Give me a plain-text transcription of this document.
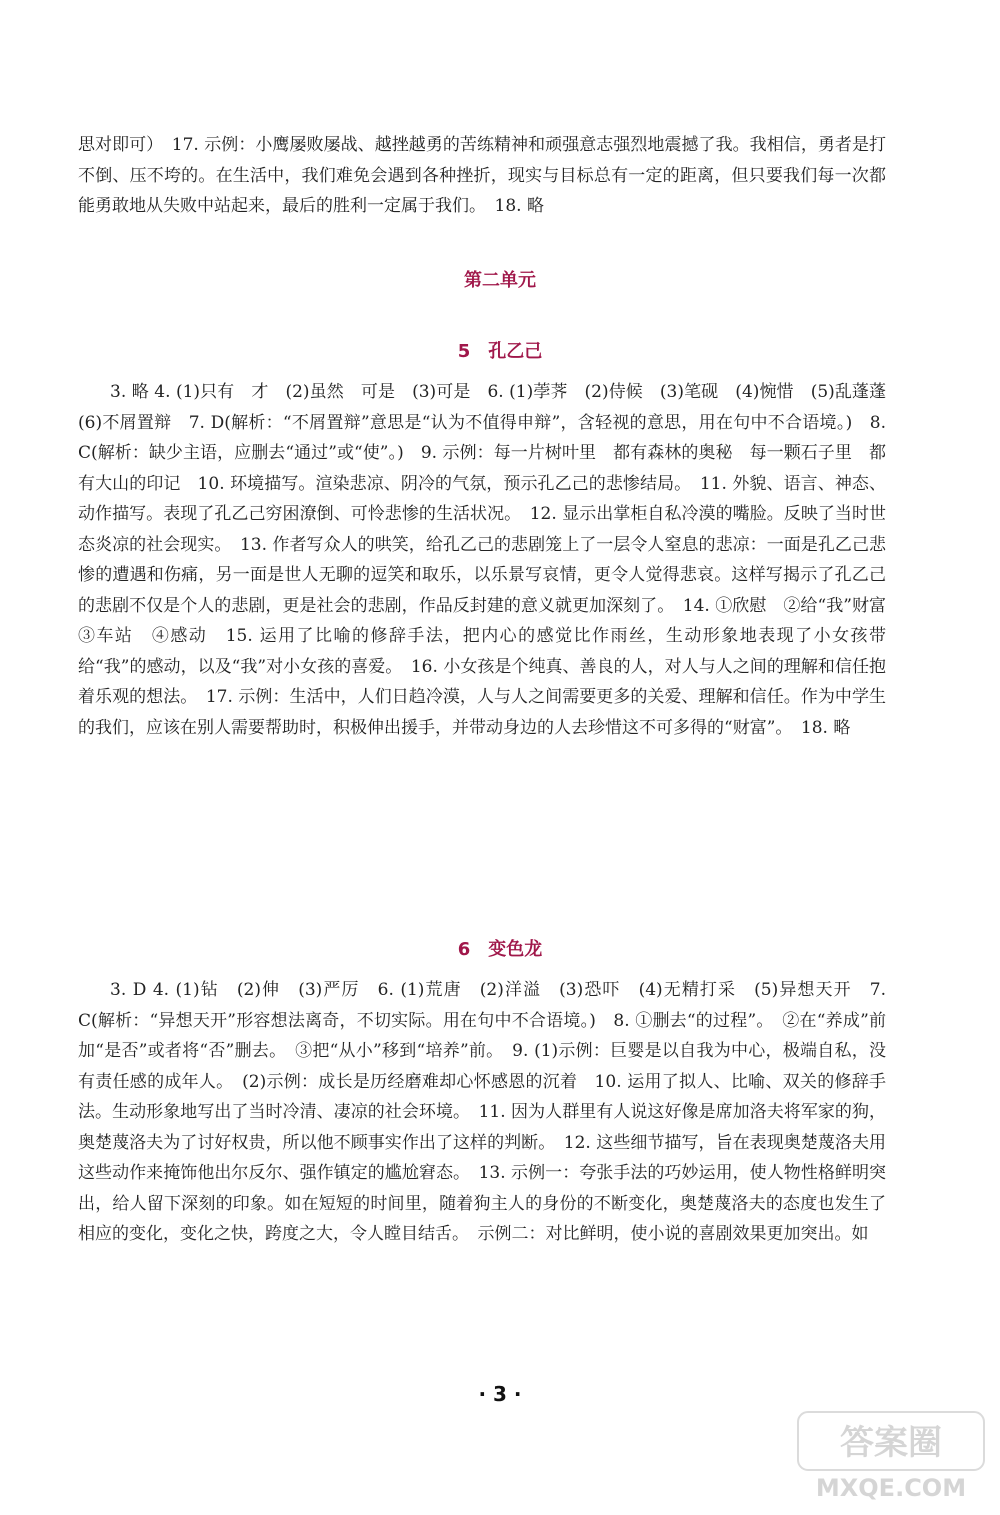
思对即可）　17. 示例：小鹰屡败屡战、越挫越勇的苦练精神和顽强意志强烈地震撼了我。我相信，勇者是打不倒、压不垮的。在生活中，我们难免会遇到各种挫折，现实与目标总有一定的距离，但只要我们每一次都能勇敢地从失败中站起来，最后的胜利一定属于我们。　18. 略

第二单元
5　孔乙己

3. 略 4. (1)只有　才　(2)虽然　可是　(3)可是　6. (1)荸荠　(2)侍候　(3)笔砚　(4)惋惜　(5)乱蓬蓬　(6)不屑置辩　7. D(解析：“不屑置辩”意思是“认为不值得申辩”，含轻视的意思，用在句中不合语境。)　8. C(解析：缺少主语，应删去“通过”或“使”。)　9. 示例：每一片树叶里　都有森林的奥秘　每一颗石子里　都有大山的印记　10. 环境描写。渲染悲凉、阴冷的气氛，预示孔乙己的悲惨结局。　11. 外貌、语言、神态、动作描写。表现了孔乙己穷困潦倒、可怜悲惨的生活状况。　12. 显示出掌柜自私冷漠的嘴脸。反映了当时世态炎凉的社会现实。　13. 作者写众人的哄笑，给孔乙己的悲剧笼上了一层令人窒息的悲凉：一面是孔乙己悲惨的遭遇和伤痛，另一面是世人无聊的逗笑和取乐，以乐景写哀情，更令人觉得悲哀。这样写揭示了孔乙己的悲剧不仅是个人的悲剧，更是社会的悲剧，作品反封建的意义就更加深刻了。　14. ①欣慰　②给“我”财富　③车站　④感动　15. 运用了比喻的修辞手法，把内心的感觉比作雨丝，生动形象地表现了小女孩带给“我”的感动，以及“我”对小女孩的喜爱。　16. 小女孩是个纯真、善良的人，对人与人之间的理解和信任抱着乐观的想法。　17. 示例：生活中，人们日趋冷漠，人与人之间需要更多的关爱、理解和信任。作为中学生的我们，应该在别人需要帮助时，积极伸出援手，并带动身边的人去珍惜这不可多得的“财富”。　18. 略

6　变色龙

3. D 4. (1)钻　(2)伸　(3)严厉　6. (1)荒唐　(2)洋溢　(3)恐吓　(4)无精打采　(5)异想天开　7. C(解析：“异想天开”形容想法离奇，不切实际。用在句中不合语境。)　8. ①删去“的过程”。　②在“养成”前加“是否”或者将“否”删去。　③把“从小”移到“培养”前。　9. (1)示例：巨婴是以自我为中心，极端自私，没有责任感的成年人。　(2)示例：成长是历经磨难却心怀感恩的沉着　10. 运用了拟人、比喻、双关的修辞手法。生动形象地写出了当时冷清、凄凉的社会环境。　11. 因为人群里有人说这好像是席加洛夫将军家的狗，奥楚蔑洛夫为了讨好权贵，所以他不顾事实作出了这样的判断。　12. 这些细节描写，旨在表现奥楚蔑洛夫用这些动作来掩饰他出尔反尔、强作镇定的尴尬窘态。　13. 示例一：夸张手法的巧妙运用，使人物性格鲜明突出，给人留下深刻的印象。如在短短的时间里，随着狗主人的身份的不断变化，奥楚蔑洛夫的态度也发生了相应的变化，变化之快，跨度之大，令人瞠目结舌。　示例二：对比鲜明，使小说的喜剧效果更加突出。如

· 3 ·
答案圈
MXQE.COM
